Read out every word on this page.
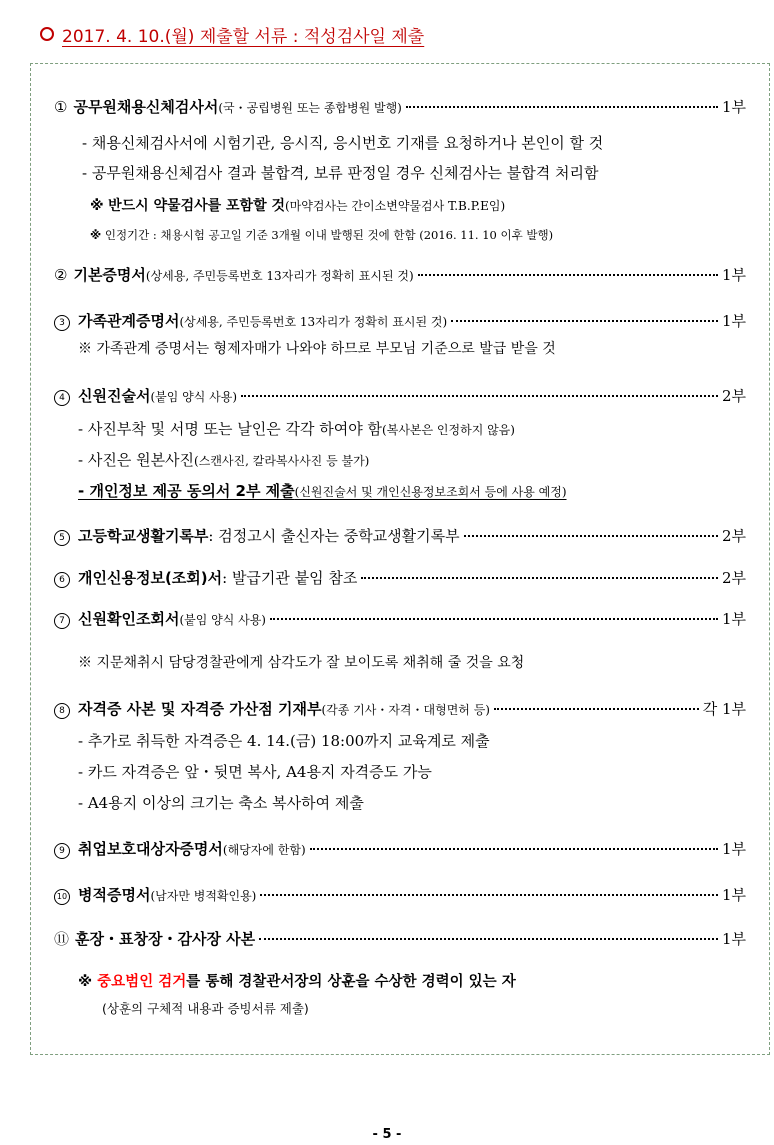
2017. 4. 10.(월) 제출할 서류 : 적성검사일 제출
① 공무원채용신체검사서 (국・공립병원 또는 종합병원 발행)	1부
- 채용신체검사서에 시험기관, 응시직, 응시번호 기재를 요청하거나 본인이 할 것
- 공무원채용신체검사 결과 불합격, 보류 판정일 경우 신체검사는 불합격 처리함
※ 반드시 약물검사를 포함할 것(마약검사는 간이소변약물검사 T.B.P.E임)
※ 인정기간 : 채용시험 공고일 기준 3개월 이내 발행된 것에 한함 (2016. 11. 10 이후 발행)
② 기본증명서 (상세용, 주민등록번호 13자리가 정확히 표시된 것)	1부
3 가족관계증명서 (상세용, 주민등록번호 13자리가 정확히 표시된 것)	1부
※ 가족관계 증명서는 형제자매가 나와야 하므로 부모님 기준으로 발급 받을 것
4 신원진술서 (붙임 양식 사용)	2부
- 사진부착 및 서명 또는 날인은 각각 하여야 함(복사본은 인정하지 않음)
- 사진은 원본사진(스캔사진, 칼라복사사진 등 불가)
- 개인정보 제공 동의서 2부 제출(신원진술서 및 개인신용정보조회서 등에 사용 예정)
5 고등학교생활기록부 : 검정고시 출신자는 중학교생활기록부	2부
6 개인신용정보(조회)서 : 발급기관 붙임 참조	2부
7 신원확인조회서 (붙임 양식 사용)	1부
※ 지문채취시 담당경찰관에게 삼각도가 잘 보이도록 채취해 줄 것을 요청
8 자격증 사본 및 자격증 가산점 기재부 (각종 기사・자격・대형면허 등)	각 1부
- 추가로 취득한 자격증은 4. 14.(금) 18:00까지 교육계로 제출
- 카드 자격증은 앞・뒷면 복사, A4용지 자격증도 가능
- A4용지 이상의 크기는 축소 복사하여 제출
9 취업보호대상자증명서 (해당자에 한함)	1부
10 병적증명서 (남자만 병적확인용)	1부
⑪ 훈장・표창장・감사장 사본	1부
※ 중요범인 검거를 통해 경찰관서장의 상훈을 수상한 경력이 있는 자
(상훈의 구체적 내용과 증빙서류 제출)
- 5 -
